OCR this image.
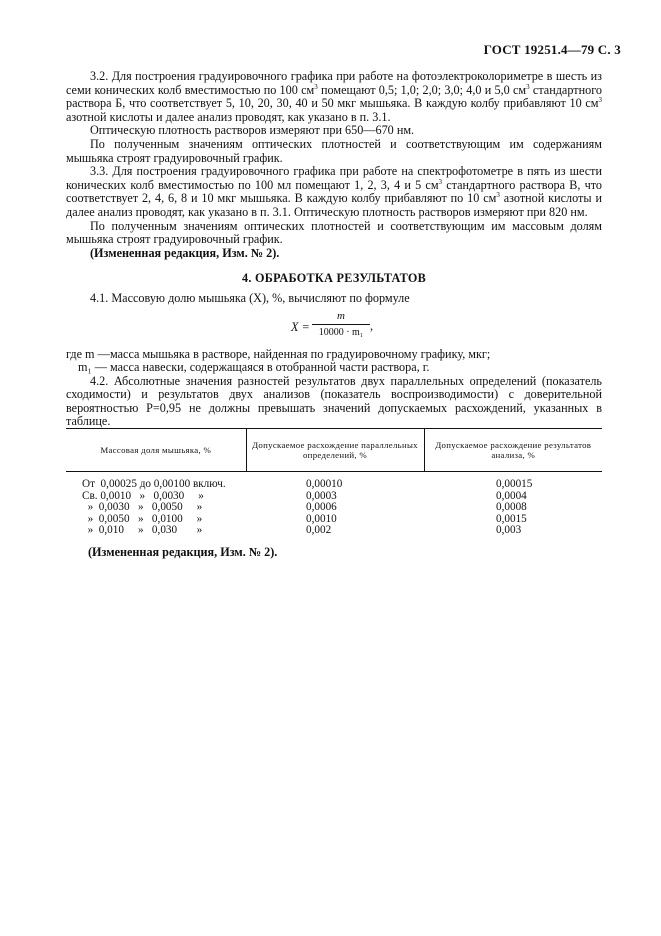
ГОСТ 19251.4—79 С. 3

3.2. Для построения градуировочного графика при работе на фотоэлектроколориметре в шесть из семи конических колб вместимостью по 100 $см^3$ помещают 0,5; 1,0; 2,0; 3,0; 4,0 и 5,0 $см^3$ стандартного раствора Б, что соответствует 5, 10, 20, 30, 40 и 50 мкг мышьяка. В каждую колбу прибавляют 10 $см^3$ азотной кислоты и далее анализ проводят, как указано в п. 3.1.

Оптическую плотность растворов измеряют при 650—670 нм.

По полученным значениям оптических плотностей и соответствующим им содержаниям мышьяка строят градуировочный график.

3.3. Для построения градуировочного графика при работе на спектрофотометре в пять из шести конических колб вместимостью по 100 мл помещают 1, 2, 3, 4 и 5 $см^3$ стандартного раствора В, что соответствует 2, 4, 6, 8 и 10 мкг мышьяка. В каждую колбу прибавляют по 10 $см^3$ азотной кислоты и далее анализ проводят, как указано в п. 3.1. Оптическую плотность растворов измеряют при 820 нм.

По полученным значениям оптических плотностей и соответствующим им массовым долям мышьяка строят градуировочный график.

(Измененная редакция, Изм. № 2).

4. ОБРАБОТКА РЕЗУЛЬТАТОВ

4.1. Массовую долю мышьяка (X), %, вычисляют по формуле

$X = \frac{m}{\text{10000 · m₁}}$ ,
где m — масса мышьяка в растворе, найденная по градуировочному графику, мкг;
m₁ — масса навески, содержащаяся в отобранной части раствора, г.

4.2. Абсолютные значения разностей результатов двух параллельных определений (показатель сходимости) и результатов двух анализов (показатель воспроизводимости) с доверительной вероятностью P=0,95 не должны превышать значений допускаемых расхождений, указанных в таблице.

Массовая доля мышьяка, %	Допускаемое расхождение параллельных определений, %	Допускаемое расхождение результатов анализа, %

От  0,00025 до 0,00100 включ.	0,00010	0,00015
Св. 0,0010   »   0,0030     »	0,0003	0,0004
»  0,0030   »   0,0050     »	0,0006	0,0008
»  0,0050   »   0,0100     »	0,0010	0,0015
»  0,010     »   0,030       »	0,002	0,003
(Измененная редакция, Изм. № 2).
